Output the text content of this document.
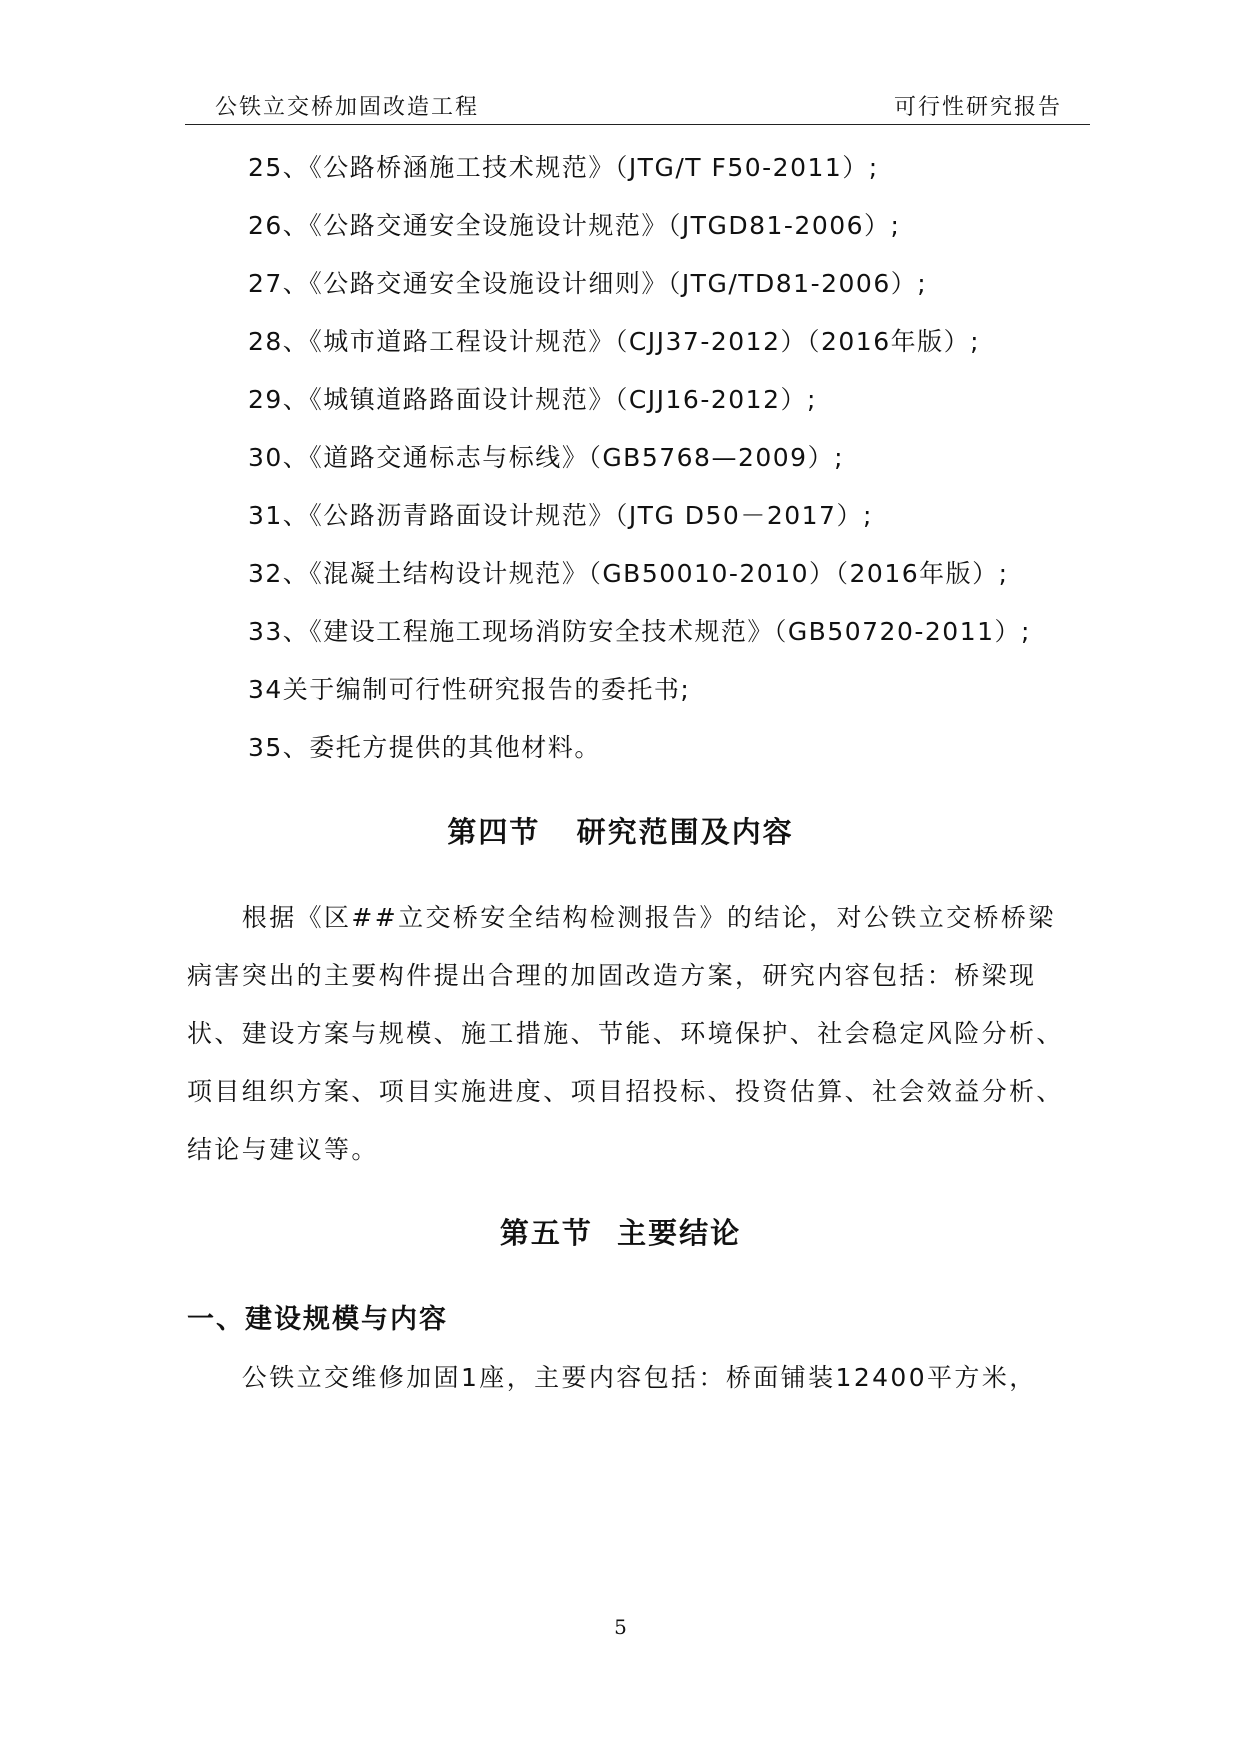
公铁立交桥加固改造工程	可行性研究报告
25、《公路桥涵施工技术规范》（JTG/T F50-2011）;
26、《公路交通安全设施设计规范》（JTGD81-2006）;
27、《公路交通安全设施设计细则》（JTG/TD81-2006）;
28、《城市道路工程设计规范》（CJJ37-2012）（2016年版）;
29、《城镇道路路面设计规范》（CJJ16-2012）;
30、《道路交通标志与标线》（GB5768—2009）;
31、《公路沥青路面设计规范》（JTG D50－2017）;
32、《混凝土结构设计规范》（GB50010-2010）（2016年版）;
33、《建设工程施工现场消防安全技术规范》（GB50720-2011）;
34关于编制可行性研究报告的委托书;
35、委托方提供的其他材料。
第四节   研究范围及内容
　　根据《区##立交桥安全结构检测报告》的结论，对公铁立交桥桥梁
病害突出的主要构件提出合理的加固改造方案，研究内容包括：桥梁现
状、建设方案与规模、施工措施、节能、环境保护、社会稳定风险分析、
项目组织方案、项目实施进度、项目招投标、投资估算、社会效益分析、
结论与建议等。
第五节  主要结论
一、建设规模与内容
　　公铁立交维修加固1座，主要内容包括：桥面铺装12400平方米，
5
